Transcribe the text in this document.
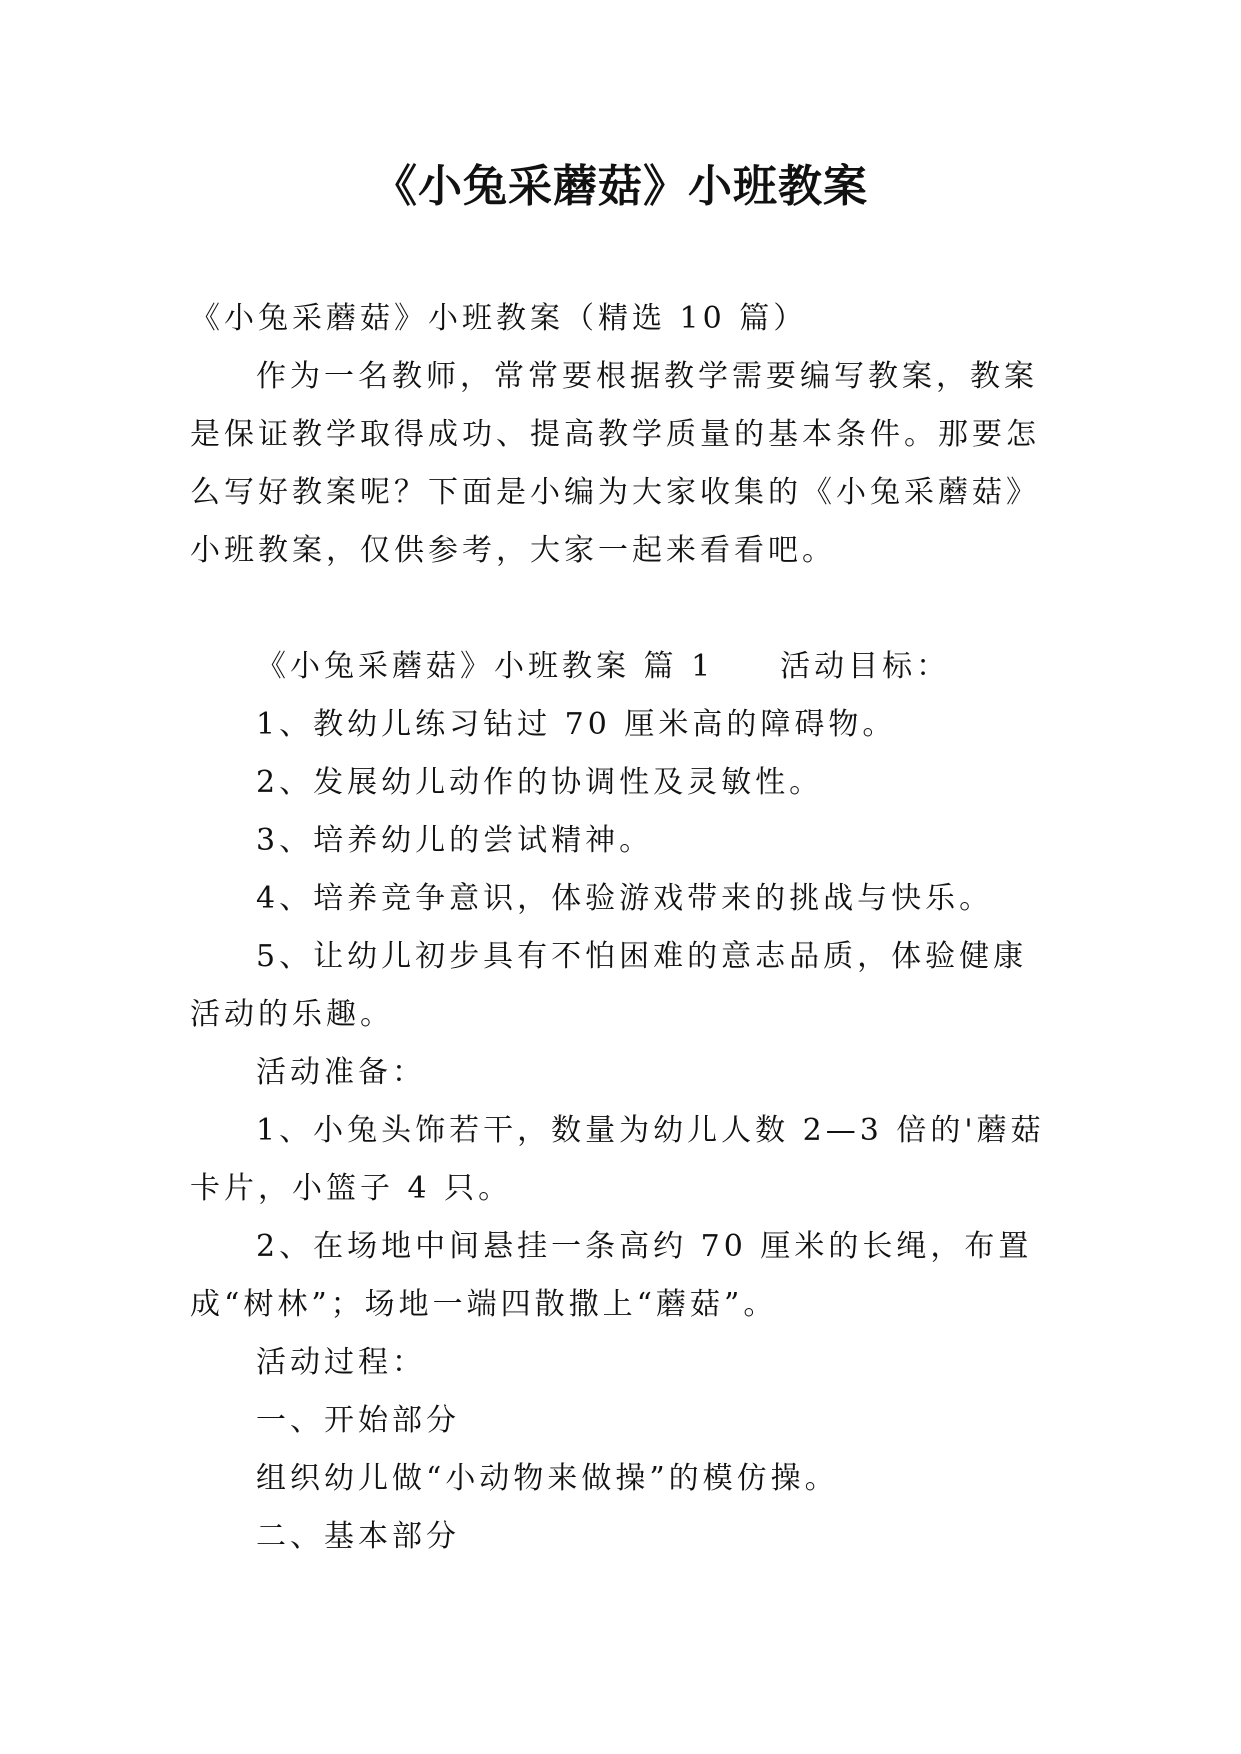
《小兔采蘑菇》小班教案

《小兔采蘑菇》小班教案（精选 10 篇）

作为一名教师，常常要根据教学需要编写教案，教案是保证教学取得成功、提高教学质量的基本条件。那要怎么写好教案呢？下面是小编为大家收集的《小兔采蘑菇》小班教案，仅供参考，大家一起来看看吧。

《小兔采蘑菇》小班教案 篇 1 活动目标：

1、教幼儿练习钻过 70 厘米高的障碍物。

2、发展幼儿动作的协调性及灵敏性。

3、培养幼儿的尝试精神。

4、培养竞争意识，体验游戏带来的挑战与快乐。

5、让幼儿初步具有不怕困难的意志品质，体验健康活动的乐趣。

活动准备：

1、小兔头饰若干，数量为幼儿人数 2—3 倍的'蘑菇卡片，小篮子 4 只。

2、在场地中间悬挂一条高约 70 厘米的长绳，布置成“树林”；场地一端四散撒上“蘑菇”。

活动过程：

一、开始部分

组织幼儿做“小动物来做操”的模仿操。

二、基本部分
